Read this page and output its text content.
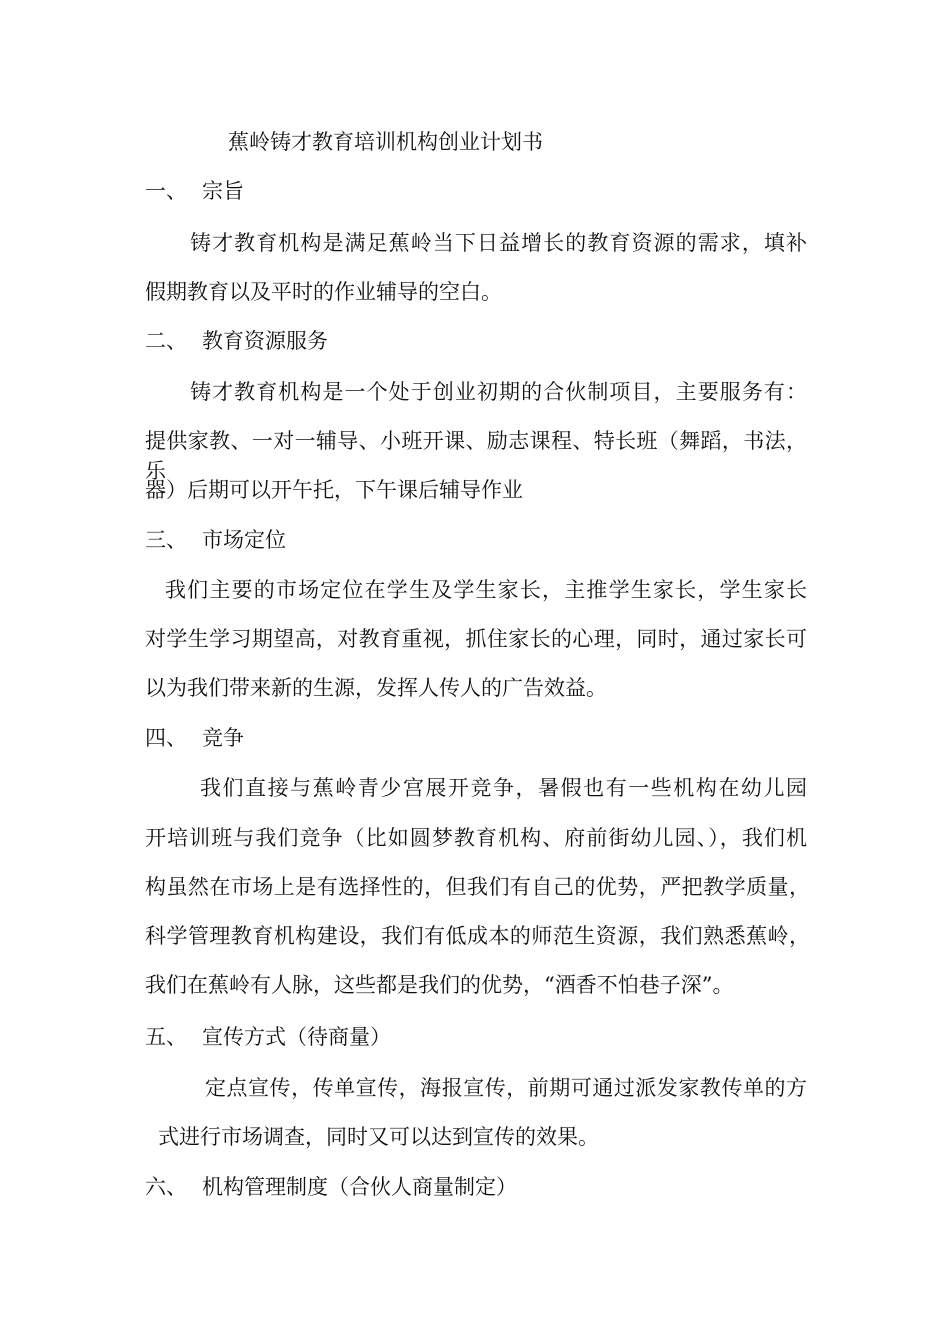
蕉岭铸才教育培训机构创业计划书
一、 宗旨
铸才教育机构是满足蕉岭当下日益增长的教育资源的需求，填补
假期教育以及平时的作业辅导的空白。
二、 教育资源服务
铸才教育机构是一个处于创业初期的合伙制项目，主要服务有：
提供家教、一对一辅导、小班开课、励志课程、特长班（舞蹈，书法，乐
器）后期可以开午托，下午课后辅导作业
三、 市场定位
我们主要的市场定位在学生及学生家长，主推学生家长，学生家长
对学生学习期望高，对教育重视，抓住家长的心理，同时，通过家长可
以为我们带来新的生源，发挥人传人的广告效益。
四、 竞争
我们直接与蕉岭青少宫展开竞争，暑假也有一些机构在幼儿园
开培训班与我们竞争（比如圆梦教育机构、府前街幼儿园、），我们机
构虽然在市场上是有选择性的，但我们有自己的优势，严把教学质量，
科学管理教育机构建设，我们有低成本的师范生资源，我们熟悉蕉岭，
我们在蕉岭有人脉，这些都是我们的优势，“酒香不怕巷子深”。
五、 宣传方式（待商量）
定点宣传，传单宣传，海报宣传，前期可通过派发家教传单的方
式进行市场调查，同时又可以达到宣传的效果。
六、 机构管理制度（合伙人商量制定）
